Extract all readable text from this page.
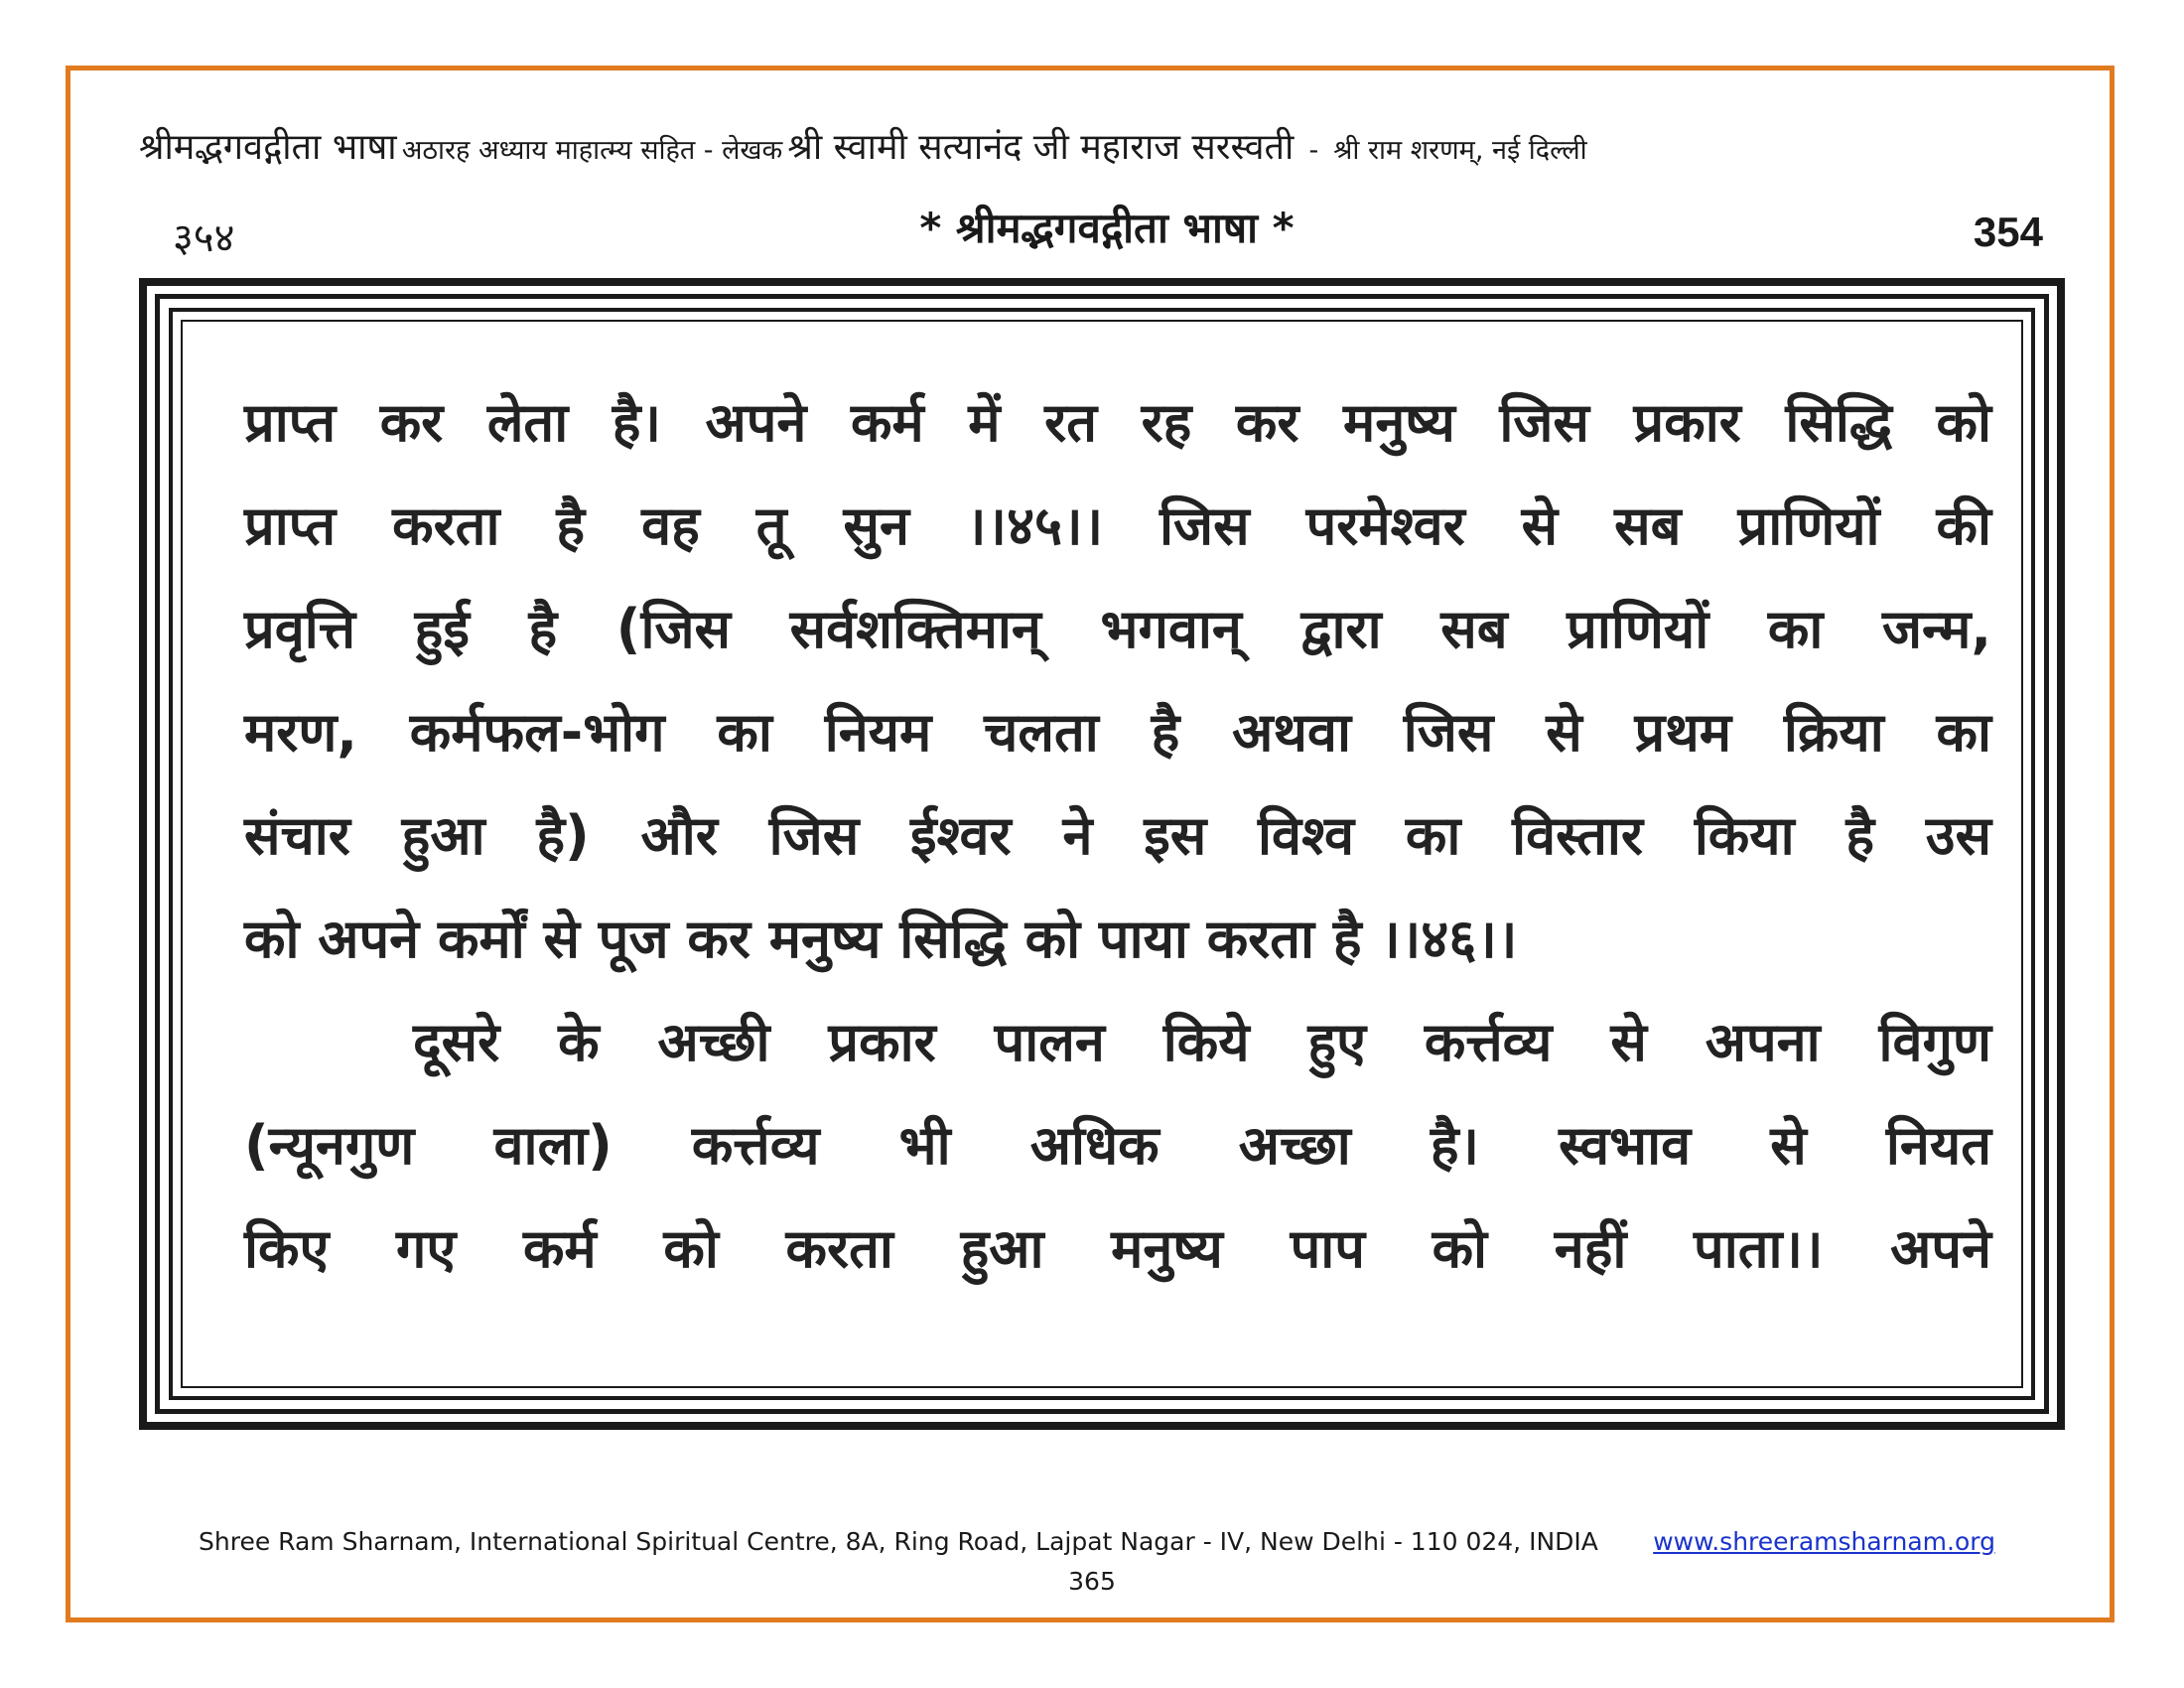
श्रीमद्भगवद्गीता भाषा अठारह अध्याय माहात्म्य सहित - लेखक श्री स्वामी सत्यानंद जी महाराज सरस्वती - श्री राम शरणम्, नई दिल्ली
३५४	* श्रीमद्भगवद्गीता भाषा *	354
प्राप्त कर लेता है। अपने कर्म में रत रह कर मनुष्य जिस प्रकार सिद्धि को
प्राप्त करता है वह तू सुन ।।४५।। जिस परमेश्वर से सब प्राणियों की
प्रवृत्ति हुई है (जिस सर्वशक्तिमान् भगवान् द्वारा सब प्राणियों का जन्म,
मरण, कर्मफल-भोग का नियम चलता है अथवा जिस से प्रथम क्रिया का
संचार हुआ है) और जिस ईश्वर ने इस विश्व का विस्तार किया है उस
को अपने कर्मों से पूज कर मनुष्य सिद्धि को पाया करता है ।।४६।।
दूसरे के अच्छी प्रकार पालन किये हुए कर्त्तव्य से अपना विगुण
(न्यूनगुण वाला) कर्त्तव्य भी अधिक अच्छा है। स्वभाव से नियत
किए गए कर्म को करता हुआ मनुष्य पाप को नहीं पाता।। अपने
Shree Ram Sharnam, International Spiritual Centre, 8A, Ring Road, Lajpat Nagar - IV, New Delhi - 110 024, INDIA www.shreeramsharnam.org
365
